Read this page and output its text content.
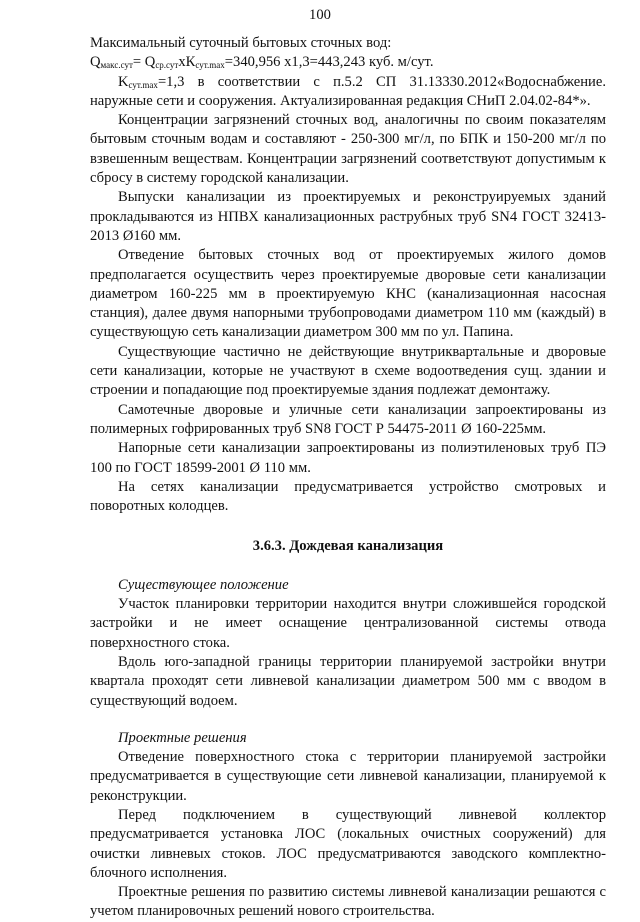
100

Максимальный суточный бытовых сточных вод:

$Q_{макс.сут}= Q_{ср.сут}хК_{сут.max}=340,956$ х1,3=443,243 куб. м/сут.

$K_{сут.max}=1,3$ в соответствии с п.5.2 СП 31.13330.2012«Водоснабжение. наружные сети и сооружения. Актуализированная редакция СНиП 2.04.02-84*».

Концентрации загрязнений сточных вод, аналогичны по своим показателям бытовым сточным водам и составляют - 250-300 мг/л, по БПК и 150-200 мг/л по взвешенным веществам. Концентрации загрязнений соответствуют допустимым к сбросу в систему городской канализации.

Выпуски канализации из проектируемых и реконструируемых зданий прокладываются из НПВХ канализационных раструбных труб SN4 ГОСТ 32413-2013 Ø160 мм.

Отведение бытовых сточных вод от проектируемых жилого домов предполагается осуществить через проектируемые дворовые сети канализации диаметром 160-225 мм в проектируемую КНС (канализационная насосная станция), далее двумя напорными трубопроводами диаметром 110 мм (каждый) в существующую сеть канализации диаметром 300 мм по ул. Папина.

Существующие частично не действующие внутриквартальные и дворовые сети канализации, которые не участвуют в схеме водоотведения сущ. здании и строении и попадающие под проектируемые здания подлежат демонтажу.

Самотечные дворовые и уличные сети канализации запроектированы из полимерных гофрированных труб SN8 ГОСТ Р 54475-2011 Ø 160-225мм.

Напорные сети канализации запроектированы из полиэтиленовых труб ПЭ 100 по ГОСТ 18599-2001 Ø 110 мм.

На сетях канализации предусматривается устройство смотровых и поворотных колодцев.

3.6.3. Дождевая канализация

Существующее положение

Участок планировки территории находится внутри сложившейся городской застройки и не имеет оснащение централизованной системы отвода поверхностного стока.

Вдоль юго-западной границы территории планируемой застройки внутри квартала проходят сети ливневой канализации диаметром 500 мм с вводом в существующий водоем.

Проектные решения

Отведение поверхностного стока с территории планируемой застройки предусматривается в существующие сети ливневой канализации, планируемой к реконструкции.

Перед подключением в существующий ливневой коллектор предусматривается установка ЛОС (локальных очистных сооружений) для очистки ливневых стоков. ЛОС предусматриваются заводского комплектно-блочного исполнения.

Проектные решения по развитию системы ливневой канализации решаются с учетом планировочных решений нового строительства.
